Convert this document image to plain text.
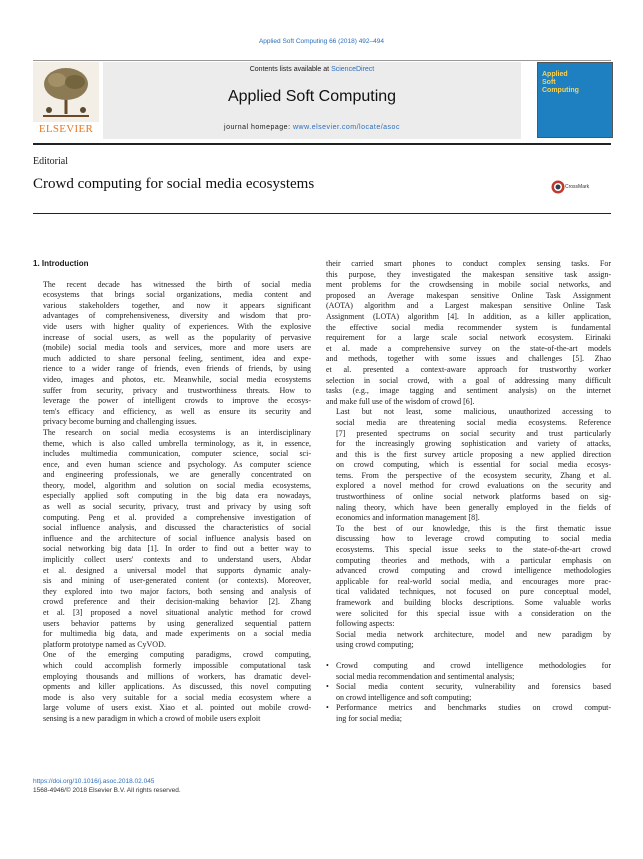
Applied Soft Computing 66 (2018) 492–494
ELSEVIER
Contents lists available at ScienceDirect
Applied Soft Computing
journal homepage: www.elsevier.com/locate/asoc
Applied
Soft
Computing
Editorial
Crowd computing for social media ecosystems	CrossMark

1. Introduction

The recent decade has witnessed the birth of social media
ecosystems that brings social organizations, media content and
various stakeholders together, and now it appears significant
advantages of comprehensiveness, diversity and wisdom that pro-
vide users with higher quality of experiences. With the explosive
increase of social users, as well as the popularity of pervasive
(mobile) social media tools and services, more and more users are
much addicted to share personal feeling, sentiment, idea and expe-
rience to a wider range of friends, even friends of friends, by using
video, images and photos, etc. Meanwhile, social media ecosystems
suffer from security, privacy and trustworthiness threats. How to
leverage the power of intelligent crowds to improve the ecosys-
tem's efficacy and efficiency, as well as ensure its security and
privacy become burning and challenging issues.

The research on social media ecosystems is an interdisciplinary
theme, which is also called umbrella terminology, as it, in essence,
includes multimedia communication, computer science, social sci-
ence, and even human science and psychology. As computer science
and engineering professionals, we are generally concentrated on
theory, model, algorithm and solution on social media ecosystems,
especially applied soft computing in the big data era nowadays,
as well as social security, privacy, trust and privacy by using soft
computing. Peng et al. provided a comprehensive investigation of
social influence analysis, and discussed the characteristics of social
influence and the architecture of social influence analysis based on
social networking big data [1]. In order to find out a better way to
implicitly collect users' contexts and to understand users, Abdar
et al. designed a universal model that supports dynamic analy-
sis and mining of user-generated content (or contexts). Moreover,
they explored into two major factors, both sensing and analysis of
crowd preference and their decision-making behavior [2]. Zhang
et al. [3] proposed a novel situational analytic method for crowd
users behavior patterns by using generalized sequential pattern
for multimedia big data, and made experiments on a social media
platform prototype named as CyVOD.

One of the emerging computing paradigms, crowd computing,
which could accomplish formerly impossible computational task
employing thousands and millions of workers, has dramatic devel-
opments and killer applications. As discussed, this novel computing
mode is also very suitable for a social media ecosystem where a
large volume of users exist. Xiao et al. pointed out mobile crowd-
sensing is a new paradigm in which a crowd of mobile users exploit

their carried smart phones to conduct complex sensing tasks. For
this purpose, they investigated the makespan sensitive task assign-
ment problems for the crowdsensing in mobile social networks, and
proposed an Average makespan sensitive Online Task Assignment
(AOTA) algorithm and a Largest makespan sensitive Online Task
Assignment (LOTA) algorithm [4]. In addition, as a killer application,
the effective social media recommender system is fundamental
requirement for a large scale social network ecosystem. Eirinaki
et al. made a comprehensive survey on the state-of-the-art models
and methods, together with some issues and challenges [5]. Zhao
et al. presented a context-aware approach for trustworthy worker
selection in social crowd, with a goal of addressing many difficult
tasks (e.g., image tagging and sentiment analysis) on the internet
and make full use of the wisdom of crowd [6].

Last but not least, some malicious, unauthorized accessing to
social media are threatening social media ecosystems. Reference
[7] presented spectrums on social security and trust particularly
for the increasingly growing sophistication and variety of attacks,
and this is the first survey article proposing a new applied direction
on crowd computing, which is essential for social media ecosys-
tems. From the perspective of the ecosystem security, Zhang et al.
explored a novel method for crowd evaluations on the security and
trustworthiness of online social network platforms based on sig-
naling theory, which have been generally employed in the fields of
economics and information management [8].

To the best of our knowledge, this is the first thematic issue
discussing how to leverage crowd computing to social media
ecosystems. This special issue seeks to the state-of-the-art crowd
computing theories and methods, with a particular emphasis on
advanced crowd computing and crowd intelligence methodologies
applicable for real-world social media, and encourages more prac-
tical validated techniques, not focused on pure conceptual model,
framework and building blocks descriptions. Some valuable works
were solicited for this special issue with a consideration on the
following aspects:

Social media network architecture, model and new paradigm by
using crowd computing;

• Crowd computing and crowd intelligence methodologies for
social media recommendation and sentimental analysis;
• Social media content security, vulnerability and forensics based
on crowd intelligence and soft computing;
• Performance metrics and benchmarks studies on crowd comput-
ing for social media;
https://doi.org/10.1016/j.asoc.2018.02.045
1568-4946/© 2018 Elsevier B.V. All rights reserved.
